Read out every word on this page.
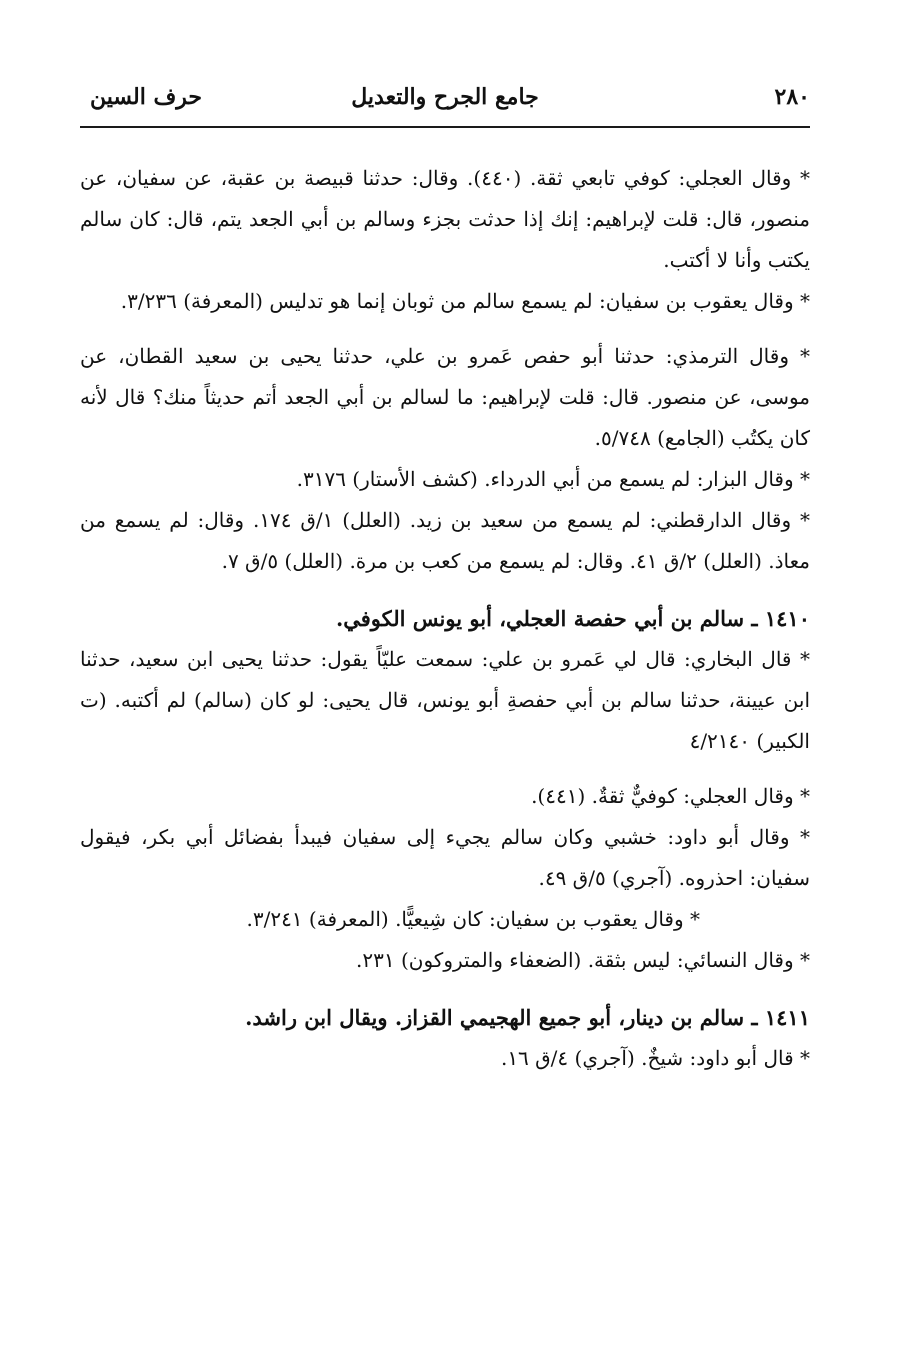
٢٨٠
جامع الجرح والتعديل
حرف السين

* وقال العجلي: كوفي تابعي ثقة. (٤٤٠). وقال: حدثنا قبيصة بن عقبة، عن سفيان، عن منصور، قال: قلت لإبراهيم: إنك إذا حدثت بجزء وسالم بن أبي الجعد يتم، قال: كان سالم يكتب وأنا لا أكتب.

* وقال يعقوب بن سفيان: لم يسمع سالم من ثوبان إنما هو تدليس (المعرفة) ٣/٢٣٦.

* وقال الترمذي: حدثنا أبو حفص عَمرو بن علي، حدثنا يحيى بن سعيد القطان، عن موسى، عن منصور. قال: قلت لإبراهيم: ما لسالم بن أبي الجعد أتم حديثاً منك؟ قال لأنه كان يكتُب (الجامع) ٥/٧٤٨.

* وقال البزار: لم يسمع من أبي الدرداء. (كشف الأستار) ٣١٧٦.

* وقال الدارقطني: لم يسمع من سعيد بن زيد. (العلل) ١/ق ١٧٤. وقال: لم يسمع من معاذ. (العلل) ٢/ق ٤١. وقال: لم يسمع من كعب بن مرة. (العلل) ٥/ق ٧.

١٤١٠ ـ سالم بن أبي حفصة العجلي، أبو يونس الكوفي.

* قال البخاري: قال لي عَمرو بن علي: سمعت عليّاً يقول: حدثنا يحيى ابن سعيد، حدثنا ابن عيينة، حدثنا سالم بن أبي حفصةِ أبو يونس، قال يحيى: لو كان (سالم) لم أكتبه. (ت الكبير) ٤/٢١٤٠

* وقال العجلي: كوفيٌّ ثقةٌ. (٤٤١).

* وقال أبو داود: خشبي وكان سالم يجيء إلى سفيان فيبدأ بفضائل أبي بكر، فيقول سفيان: احذروه. (آجري) ٥/ق ٤٩.

* وقال يعقوب بن سفيان: كان شِيعيًّا. (المعرفة) ٣/٢٤١.

* وقال النسائي: ليس بثقة. (الضعفاء والمتروكون) ٢٣١.

١٤١١ ـ سالم بن دينار، أبو جميع الهجيمي القزاز. ويقال ابن راشد.

* قال أبو داود: شيخٌ. (آجري) ٤/ق ١٦.
